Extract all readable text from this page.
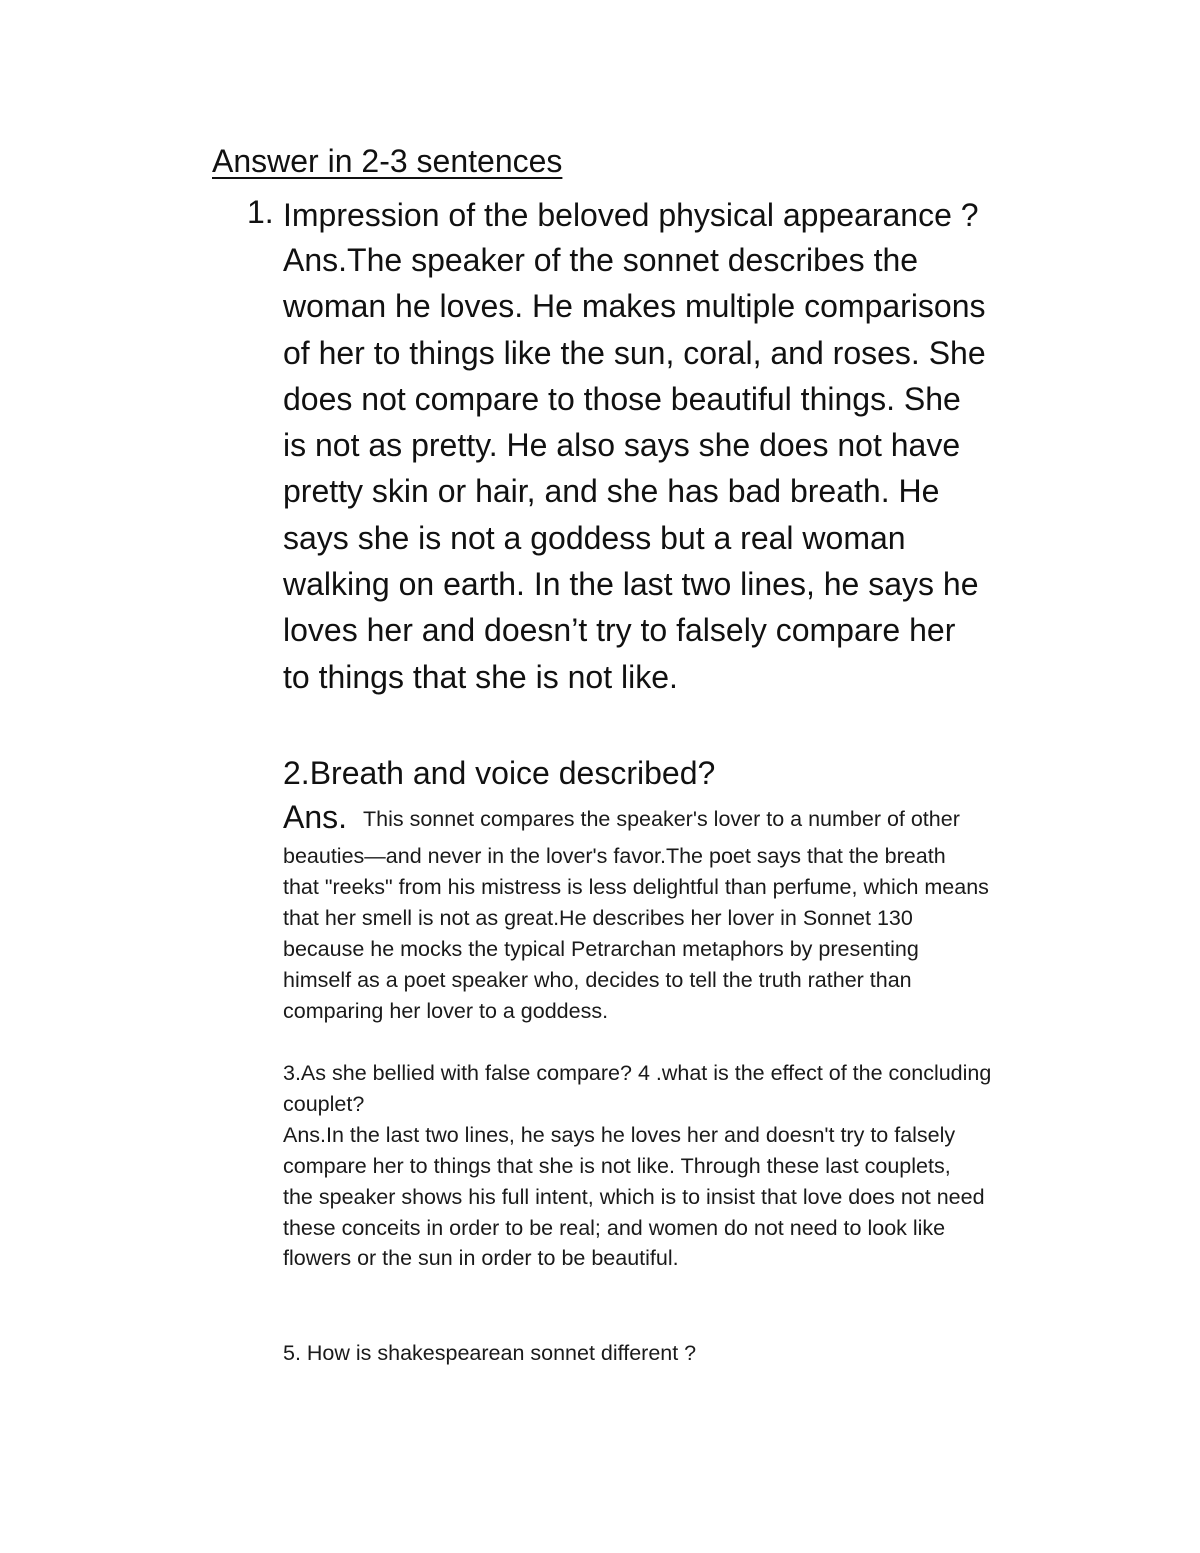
Answer in 2-3 sentences
1. Impression of the beloved physical appearance ?
Ans.The speaker of the sonnet describes the
woman he loves. He makes multiple comparisons
of her to things like the sun, coral, and roses. She
does not compare to those beautiful things. She
is not as pretty. He also says she does not have
pretty skin or hair, and she has bad breath. He
says she is not a goddess but a real woman
walking on earth. In the last two lines, he says he
loves her and doesn’t try to falsely compare her
to things that she is not like.
2.Breath and voice described?
Ans. This sonnet compares the speaker's lover to a number of other
beauties—and never in the lover's favor.The poet says that the breath
that "reeks" from his mistress is less delightful than perfume, which means
that her smell is not as great.He describes her lover in Sonnet 130
because he mocks the typical Petrarchan metaphors by presenting
himself as a poet speaker who, decides to tell the truth rather than
comparing her lover to a goddess.
3.As she bellied with false compare? 4 .what is the effect of the concluding
couplet?
Ans.In the last two lines, he says he loves her and doesn't try to falsely
compare her to things that she is not like. Through these last couplets,
the speaker shows his full intent, which is to insist that love does not need
these conceits in order to be real; and women do not need to look like
flowers or the sun in order to be beautiful.
5. How is shakespearean sonnet different ?
